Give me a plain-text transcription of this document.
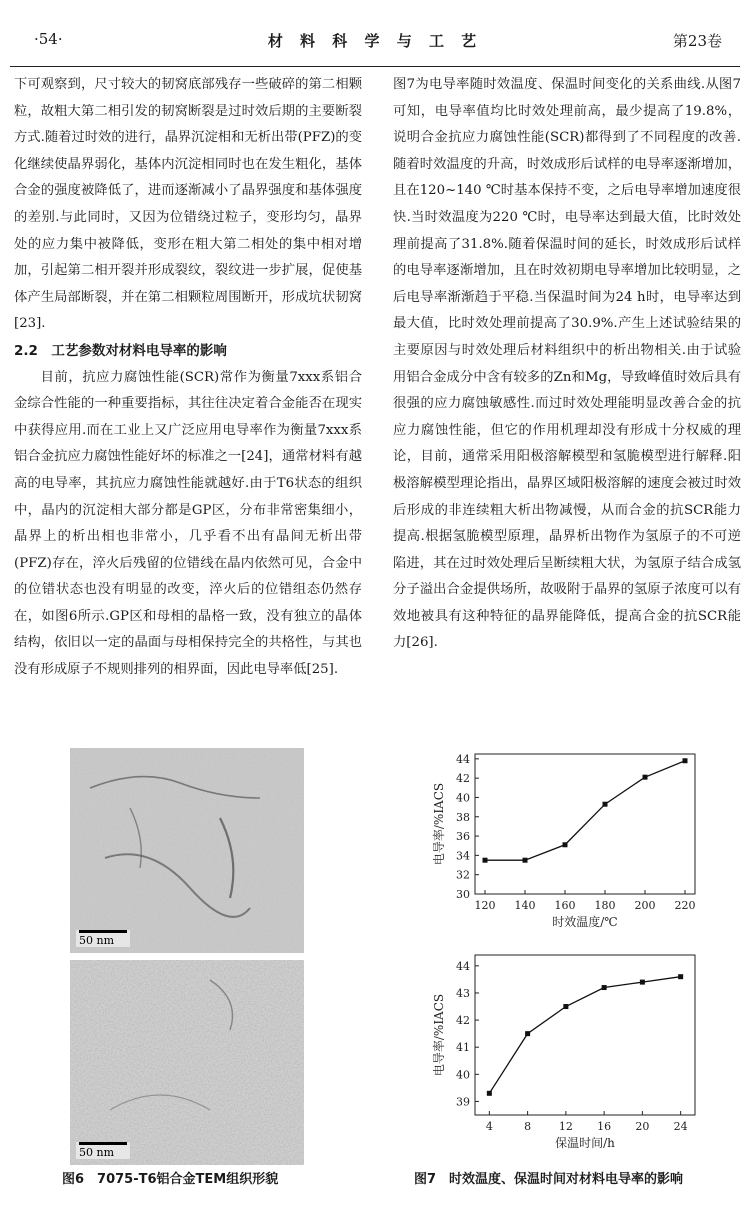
·54·	材 料 科 学 与 工 艺	第23卷

下可观察到，尺寸较大的韧窝底部残存一些破碎的第二相颗粒，故粗大第二相引发的韧窝断裂是过时效后期的主要断裂方式.随着过时效的进行，晶界沉淀相和无析出带(PFZ)的变化继续使晶界弱化，基体内沉淀相同时也在发生粗化，基体合金的强度被降低了，进而逐渐减小了晶界强度和基体强度的差别.与此同时，又因为位错绕过粒子，变形均匀，晶界处的应力集中被降低，变形在粗大第二相处的集中相对增加，引起第二相开裂并形成裂纹，裂纹进一步扩展，促使基体产生局部断裂，并在第二相颗粒周围断开，形成坑状韧窝[23].

2.2　工艺参数对材料电导率的影响

目前，抗应力腐蚀性能(SCR)常作为衡量7xxx系铝合金综合性能的一种重要指标，其往往决定着合金能否在现实中获得应用.而在工业上又广泛应用电导率作为衡量7xxx系铝合金抗应力腐蚀性能好坏的标准之一[24]，通常材料有越高的电导率，其抗应力腐蚀性能就越好.由于T6状态的组织中，晶内的沉淀相大部分都是GP区，分布非常密集细小，晶界上的析出相也非常小，几乎看不出有晶间无析出带(PFZ)存在，淬火后残留的位错线在晶内依然可见，合金中的位错状态也没有明显的改变，淬火后的位错组态仍然存在，如图6所示.GP区和母相的晶格一致，没有独立的晶体结构，依旧以一定的晶面与母相保持完全的共格性，与其也没有形成原子不规则排列的相界面，因此电导率低[25].

图7为电导率随时效温度、保温时间变化的关系曲线.从图7可知，电导率值均比时效处理前高，最少提高了19.8%，说明合金抗应力腐蚀性能(SCR)都得到了不同程度的改善.随着时效温度的升高，时效成形后试样的电导率逐渐增加，且在120~140 ℃时基本保持不变，之后电导率增加速度很快.当时效温度为220 ℃时，电导率达到最大值，比时效处理前提高了31.8%.随着保温时间的延长，时效成形后试样的电导率逐渐增加，且在时效初期电导率增加比较明显，之后电导率渐渐趋于平稳.当保温时间为24 h时，电导率达到最大值，比时效处理前提高了30.9%.产生上述试验结果的主要原因与时效处理后材料组织中的析出物相关.由于试验用铝合金成分中含有较多的Zn和Mg，导致峰值时效后具有很强的应力腐蚀敏感性.而过时效处理能明显改善合金的抗应力腐蚀性能，但它的作用机理却没有形成十分权威的理论，目前，通常采用阳极溶解模型和氢脆模型进行解释.阳极溶解模型理论指出，晶界区域阳极溶解的速度会被过时效后形成的非连续粗大析出物减慢，从而合金的抗SCR能力提高.根据氢脆模型原理，晶界析出物作为氢原子的不可逆陷进，其在过时效处理后呈断续粗大状，为氢原子结合成氢分子溢出合金提供场所，故吸附于晶界的氢原子浓度可以有效地被具有这种特征的晶界能降低，提高合金的抗SCR能力[26].

50 nm
50 nm
图6　7075-T6铝合金TEM组织形貌
120 140 160 180 200 220
30
32
34
36
38
40
42
44
时效温度/℃
电导率/%IACS

4	8	12 16 20 24
39
40
41
42
43
44
保温时间/h
电导率/%IACS
图7　时效温度、保温时间对材料电导率的影响
